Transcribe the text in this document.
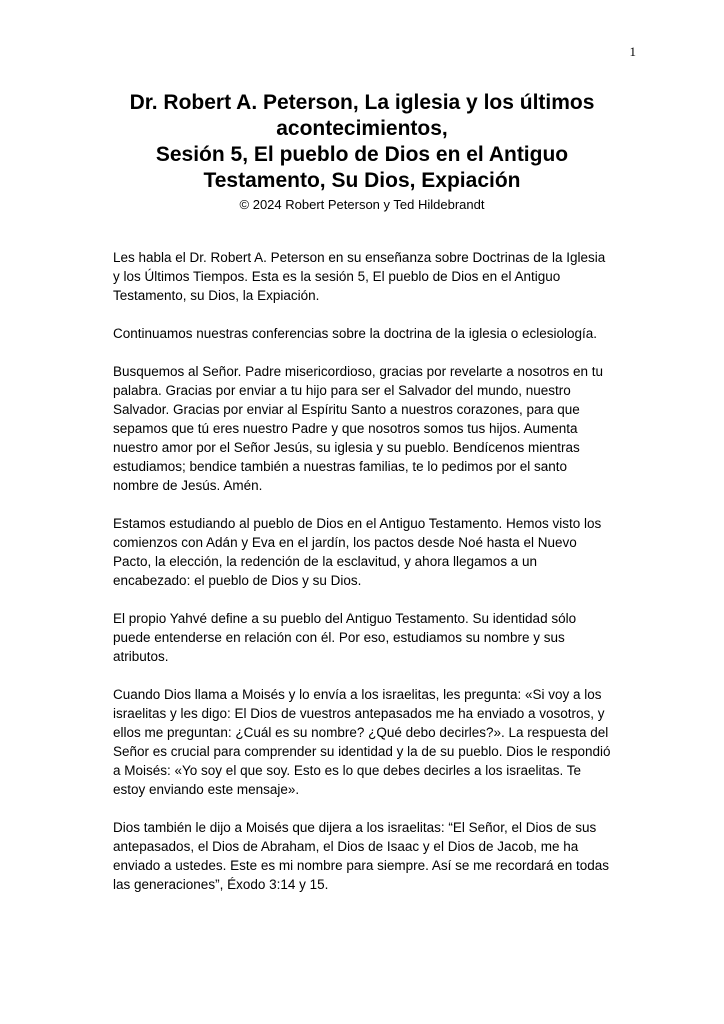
1

Dr. Robert A. Peterson, La iglesia y los últimos

acontecimientos,

Sesión 5, El pueblo de Dios en el Antiguo

Testamento, Su Dios, Expiación

© 2024 Robert Peterson y Ted Hildebrandt

Les habla el Dr. Robert A. Peterson en su enseñanza sobre Doctrinas de la Iglesia y los Últimos Tiempos. Esta es la sesión 5, El pueblo de Dios en el Antiguo Testamento, su Dios, la Expiación.

Continuamos nuestras conferencias sobre la doctrina de la iglesia o eclesiología.

Busquemos al Señor. Padre misericordioso, gracias por revelarte a nosotros en tu palabra. Gracias por enviar a tu hijo para ser el Salvador del mundo, nuestro Salvador. Gracias por enviar al Espíritu Santo a nuestros corazones, para que sepamos que tú eres nuestro Padre y que nosotros somos tus hijos. Aumenta nuestro amor por el Señor Jesús, su iglesia y su pueblo. Bendícenos mientras estudiamos; bendice también a nuestras familias, te lo pedimos por el santo nombre de Jesús. Amén.

Estamos estudiando al pueblo de Dios en el Antiguo Testamento. Hemos visto los comienzos con Adán y Eva en el jardín, los pactos desde Noé hasta el Nuevo Pacto, la elección, la redención de la esclavitud, y ahora llegamos a un encabezado: el pueblo de Dios y su Dios.

El propio Yahvé define a su pueblo del Antiguo Testamento. Su identidad sólo puede entenderse en relación con él. Por eso, estudiamos su nombre y sus atributos.

Cuando Dios llama a Moisés y lo envía a los israelitas, les pregunta: «Si voy a los israelitas y les digo: El Dios de vuestros antepasados me ha enviado a vosotros, y ellos me preguntan: ¿Cuál es su nombre? ¿Qué debo decirles?». La respuesta del Señor es crucial para comprender su identidad y la de su pueblo. Dios le respondió a Moisés: «Yo soy el que soy. Esto es lo que debes decirles a los israelitas. Te estoy enviando este mensaje».

Dios también le dijo a Moisés que dijera a los israelitas: “El Señor, el Dios de sus antepasados, el Dios de Abraham, el Dios de Isaac y el Dios de Jacob, me ha enviado a ustedes. Este es mi nombre para siempre. Así se me recordará en todas las generaciones”, Éxodo 3:14 y 15.
